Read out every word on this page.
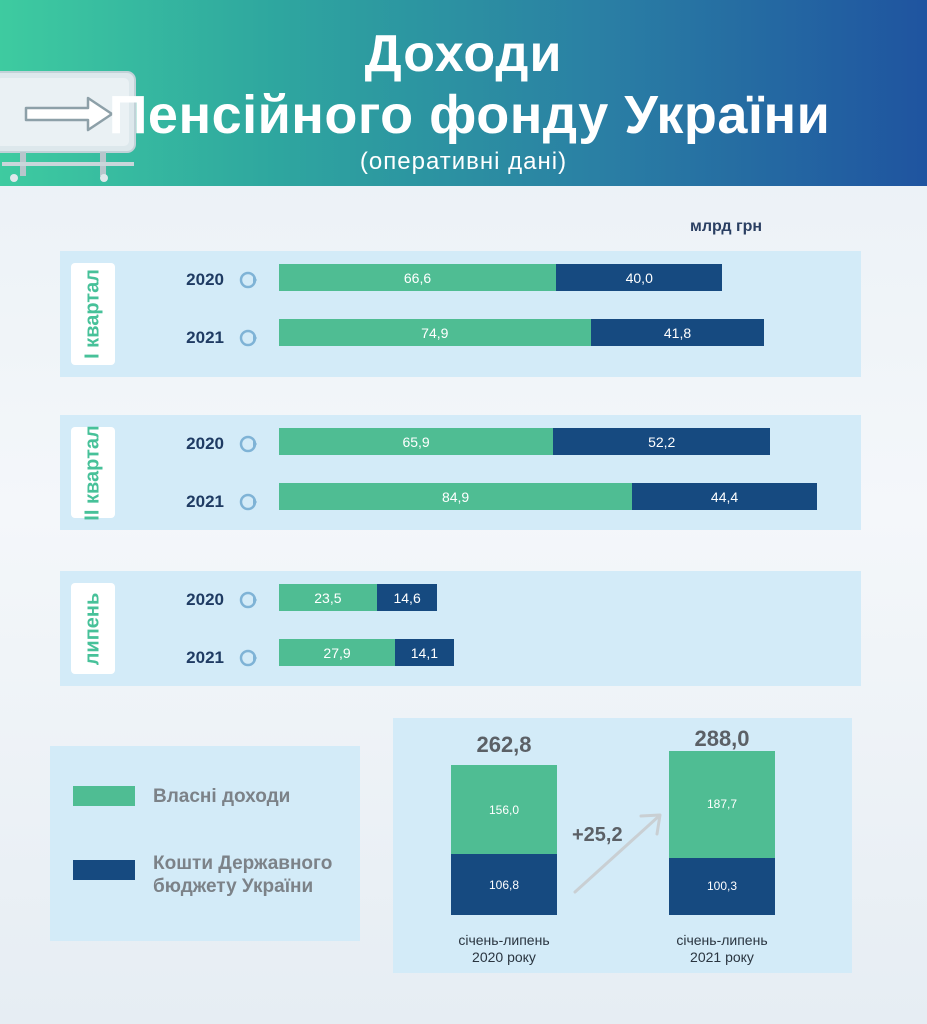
Доходи
Пенсійного фонду України
(оперативні дані)
млрд грн
I квартал	2020	66,6	40,0
2021	74,9	41,8
II квартал	2020	65,9	52,2
2021	84,9	44,4
липень	2020	23,5	14,6
2021	27,9	14,1
Власні доходи
Кошти Державного
бюджету України
262,8	288,0
156,0
106,8
187,7
100,3
+25,2
січень-липень
2020 року
січень-липень
2021 року
